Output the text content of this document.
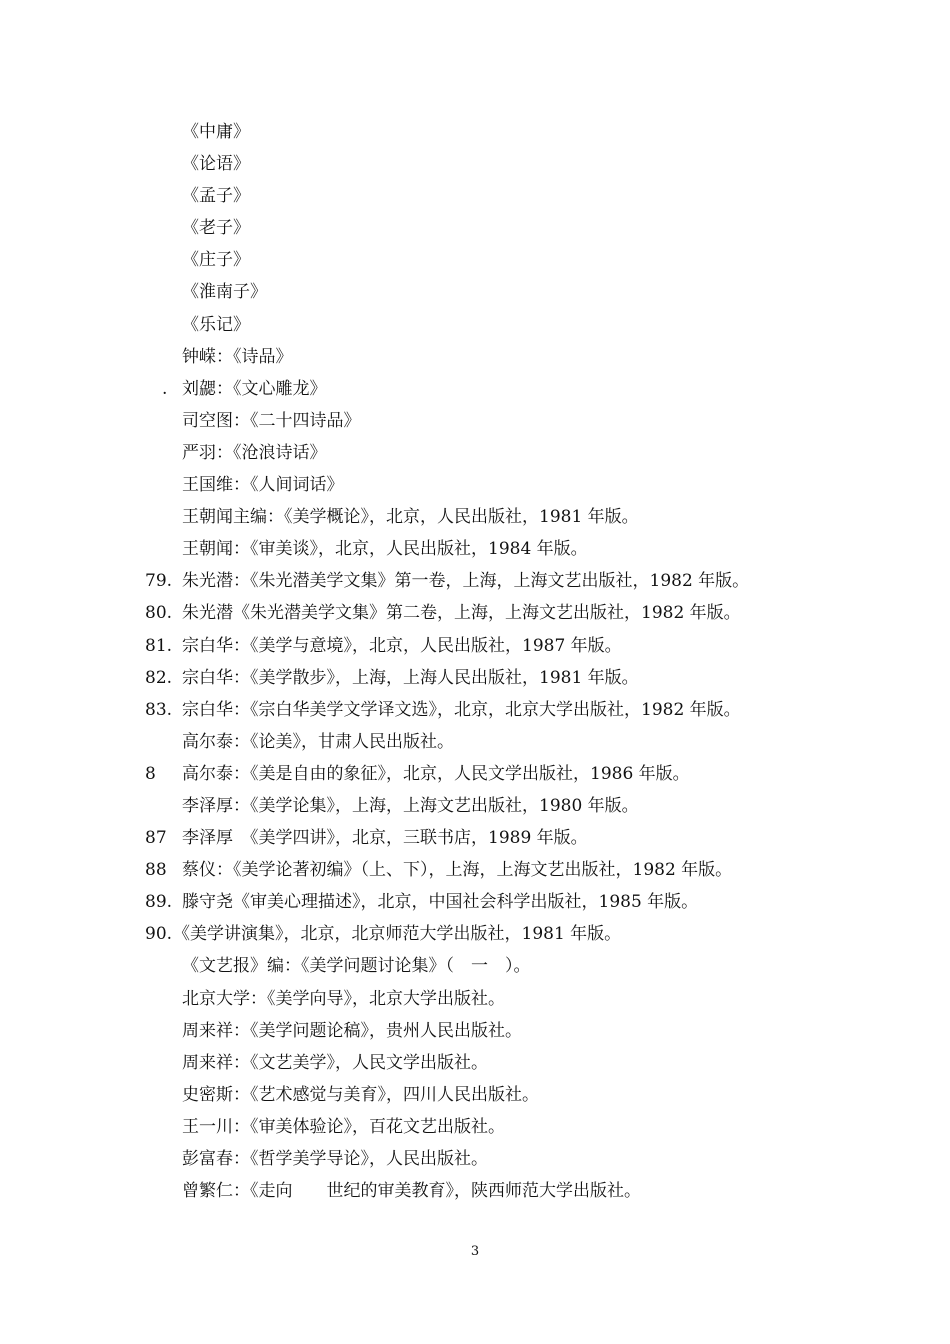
《中庸》
《论语》
《孟子》
《老子》
《庄子》
《淮南子》
《乐记》
钟嵘：《诗品》
. 刘勰：《文心雕龙》
司空图：《二十四诗品》
严羽：《沧浪诗话》
王国维：《人间词话》
王朝闻主编：《美学概论》，北京，人民出版社，1981 年版。
王朝闻：《审美谈》，北京，人民出版社，1984 年版。
79. 朱光潜：《朱光潜美学文集》第一卷，上海，上海文艺出版社，1982 年版。
80. 朱光潜《朱光潜美学文集》第二卷，上海，上海文艺出版社，1982 年版。
81. 宗白华：《美学与意境》，北京，人民出版社，1987 年版。
82. 宗白华：《美学散步》，上海，上海人民出版社，1981 年版。
83. 宗白华：《宗白华美学文学译文选》，北京，北京大学出版社，1982 年版。
高尔泰：《论美》，甘肃人民出版社。
8 高尔泰：《美是自由的象征》，北京，人民文学出版社，1986 年版。
李泽厚：《美学论集》，上海，上海文艺出版社，1980 年版。
87 李泽厚　《美学四讲》，北京，三联书店，1989 年版。
88 蔡仪：《美学论著初编》（上、下），上海，上海文艺出版社，1982 年版。
89. 滕守尧《审美心理描述》，北京，中国社会科学出版社，1985 年版。
90. 《美学讲演集》，北京，北京师范大学出版社，1981 年版。
《文艺报》编：《美学问题讨论集》（　一　）。
北京大学：《美学向导》，北京大学出版社。
周来祥：《美学问题论稿》，贵州人民出版社。
周来祥：《文艺美学》，人民文学出版社。
史密斯：《艺术感觉与美育》，四川人民出版社。
王一川：《审美体验论》，百花文艺出版社。
彭富春：《哲学美学导论》，人民出版社。
曾繁仁：《走向　　世纪的审美教育》，陕西师范大学出版社。
3
